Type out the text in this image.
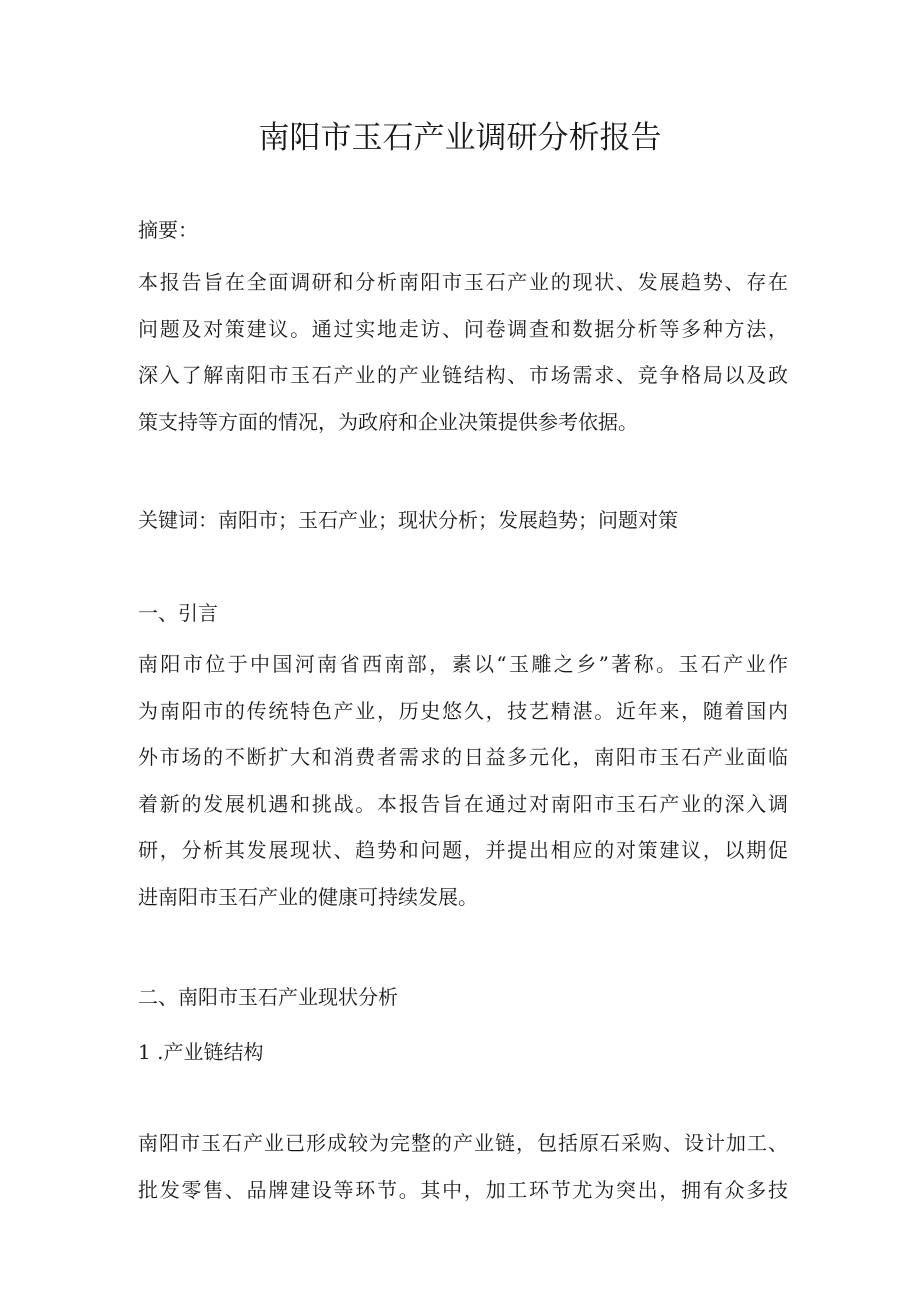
南阳市玉石产业调研分析报告

摘要：

本报告旨在全面调研和分析南阳市玉石产业的现状、发展趋势、存在
问题及对策建议。通过实地走访、问卷调查和数据分析等多种方法，
深入了解南阳市玉石产业的产业链结构、市场需求、竞争格局以及政
策支持等方面的情况，为政府和企业决策提供参考依据。

关键词：南阳市；玉石产业；现状分析；发展趋势；问题对策

一、引言

南阳市位于中国河南省西南部，素以“玉雕之乡”著称。玉石产业作
为南阳市的传统特色产业，历史悠久，技艺精湛。近年来，随着国内
外市场的不断扩大和消费者需求的日益多元化，南阳市玉石产业面临
着新的发展机遇和挑战。本报告旨在通过对南阳市玉石产业的深入调
研，分析其发展现状、趋势和问题，并提出相应的对策建议，以期促
进南阳市玉石产业的健康可持续发展。

二、南阳市玉石产业现状分析

1 .产业链结构

南阳市玉石产业已形成较为完整的产业链，包括原石采购、设计加工、
批发零售、品牌建设等环节。其中，加工环节尤为突出，拥有众多技
